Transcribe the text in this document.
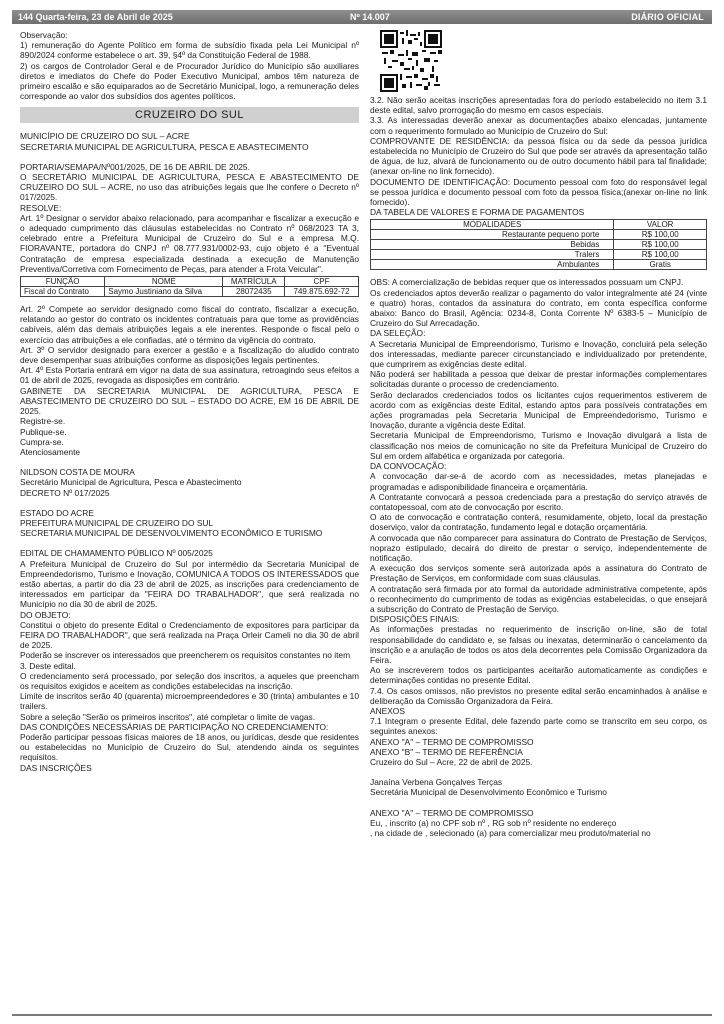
144 Quarta-feira, 23 de Abril de 2025	Nº 14.007	DIÁRIO OFICIAL

Observação:

1) remuneração do Agente Político em forma de subsídio fixada pela Lei Municipal nº 890/2024 conforme estabelece o art. 39, §4º da Constituição Federal de 1988.

2) os cargos de Controlador Geral e de Procurador Jurídico do Município são auxiliares diretos e imediatos do Chefe do Poder Executivo Municipal, ambos têm natureza de primeiro escalão e são equiparados ao de Secretário Municipal, logo, a remuneração deles corresponde ao valor dos subsídios dos agentes políticos.

CRUZEIRO DO SUL

MUNICÍPIO DE CRUZEIRO DO SUL – ACRE

SECRETARIA MUNICIPAL DE AGRICULTURA, PESCA E ABASTECIMENTO

PORTARIA/SEMAPA/Nº001/2025, DE 16 DE ABRIL DE 2025.

O SECRETÁRIO MUNICIPAL DE AGRICULTURA, PESCA E ABASTECIMENTO DE CRUZEIRO DO SUL – ACRE, no uso das atribuições legais que lhe confere o Decreto nº 017/2025.

RESOLVE:

Art. 1º Designar o servidor abaixo relacionado, para acompanhar e fiscalizar a execução e o adequado cumprimento das cláusulas estabelecidas no Contrato nº 068/2023 TA 3, celebrado entre a Prefeitura Municipal de Cruzeiro do Sul e a empresa M.Q. FIORAVANTE, portadora do CNPJ nº 08.777.931/0002-93, cujo objeto é a "Eventual Contratação de empresa especializada destinada a execução de Manutenção Preventiva/Corretiva com Fornecimento de Peças, para atender a Frota Veicular".

FUNÇÃO	NOME	MATRÍCULA	CPF
Fiscal do Contrato	Saymo Justiniano da Silva	28072435	749.875.692-72

Art. 2º Compete ao servidor designado como fiscal do contrato, fiscalizar a execução, relatando ao gestor do contrato os incidentes contratuais para que tome as providências cabíveis, além das demais atribuições legais a ele inerentes. Responde o fiscal pelo o exercício das atribuições a ele confiadas, até o término da vigência do contrato.

Art. 3º O servidor designado para exercer a gestão e a fiscalização do aludido contrato deve desempenhar suas atribuições conforme as disposições legais pertinentes.

Art. 4º Esta Portaria entrará em vigor na data de sua assinatura, retroagindo seus efeitos a 01 de abril de 2025, revogada as disposições em contrário.

GABINETE DA SECRETARIA MUNICIPAL DE AGRICULTURA, PESCA E ABASTECIMENTO DE CRUZEIRO DO SUL – ESTADO DO ACRE, EM 16 DE ABRIL DE 2025.

Registre-se.

Publique-se.

Cumpra-se.

Atenciosamente

NILDSON COSTA DE MOURA

Secretário Municipal de Agricultura, Pesca e Abastecimento

DECRETO Nº 017/2025

ESTADO DO ACRE

PREFEITURA MUNICIPAL DE CRUZEIRO DO SUL

SECRETARIA MUNICIPAL DE DESENVOLVIMENTO ECONÔMICO E TURISMO

EDITAL DE CHAMAMENTO PÚBLICO Nº 005/2025

A Prefeitura Municipal de Cruzeiro do Sul por intermédio da Secretaria Municipal de Empreendedorismo, Turismo e Inovação, COMUNICA A TODOS OS INTERESSADOS que estão abertas, a partir do dia 23 de abril de 2025, as inscrições para credenciamento de interessados em participar da "FEIRA DO TRABALHADOR", que será realizada no Município no dia 30 de abril de 2025.

DO OBJETO:

Constitui o objeto do presente Edital o Credenciamento de expositores para participar da FEIRA DO TRABALHADOR", que será realizada na Praça Orleir Cameli no dia 30 de abril de 2025.

Poderão se inscrever os interessados que preencherem os requisitos constantes no item

3. Deste edital.

O credenciamento será processado, por seleção dos inscritos, a aqueles que preencham os requisitos exigidos e aceitem as condições estabelecidas na inscrição.

Limite de inscritos serão 40 (quarenta) microempreendedores e 30 (trinta) ambulantes e 10 trailers.

Sobre a seleção "Serão os primeiros inscritos", até completar o limite de vagas.

DAS CONDIÇÕES NECESSÁRIAS DE PARTICIPAÇÃO NO CREDENCIAMENTO:

Poderão participar pessoas físicas maiores de 18 anos, ou jurídicas, desde que residentes ou estabelecidas no Município de Cruzeiro do Sul, atendendo ainda os seguintes requisitos.

DAS INSCRIÇÕES

3.2. Não serão aceitas inscrições apresentadas fora do período estabelecido no item 3.1 deste edital, salvo prorrogação do mesmo em casos especiais.

3.3. As interessadas deverão anexar as documentações abaixo elencadas, juntamente com o requerimento formulado ao Município de Cruzeiro do Sul:

COMPROVANTE DE RESIDÊNCIA: da pessoa física ou da sede da pessoa jurídica estabelecida no Município de Cruzeiro do Sul que pode ser através da apresentação talão de água, de luz, alvará de funcionamento ou de outro documento hábil para tal finalidade; (anexar on-line no link fornecido).

DOCUMENTO DE IDENTIFICAÇÃO: Documento pessoal com foto do responsável legal se pessoa jurídica e documento pessoal com foto da pessoa física;(anexar on-line no link fornecido).

DA TABELA DE VALORES E FORMA DE PAGAMENTOS

MODALIDADES	VALOR
Restaurante pequeno porte	R$ 100,00
Bebidas	R$ 100,00
Tralers	R$ 100,00
Ambulantes	Gratis

OBS: A comercialização de bebidas requer que os interessados possuam um CNPJ.

Os credenciados aptos deverão realizar o pagamento do valor integralmente até 24 (vinte e quatro) horas, contados da assinatura do contrato, em conta específica conforme abaixo: Banco do Brasil, Agência: 0234-8, Conta Corrente Nº 6383-5 – Município de Cruzeiro do Sul Arrecadação.

DA SELEÇÃO:

A Secretaria Municipal de Empreendorismo, Turismo e Inovação, concluirá pela seleção dos interessadas, mediante parecer circunstanciado e individualizado por pretendente, que cumprirem as exigências deste edital.

Não poderá ser habilitada a pessoa que deixar de prestar informações complementares solicitadas durante o processo de credenciamento.

Serão declarados credenciados todos os licitantes cujos requerimentos estiverem de acordo com as exigências deste Edital, estando aptos para possíveis contratações em ações programadas pela Secretaria Municipal de Empreendedorismo, Turismo e Inovação, durante a vigência deste Edital.

Secretaria Municipal de Empreendorismo, Turismo e Inovação divulgará a lista de classificação nos meios de comunicação no site da Prefeitura Municipal de Cruzeiro do Sul em ordem alfabética e organizada por categoria.

DA CONVOCAÇÃO:

A convocação dar-se-á de acordo com as necessidades, metas planejadas e programadas e adisponibilidade financeira e orçamentária.

A Contratante convocará a pessoa credenciada para a prestação do serviço através de contatopessoal, com ato de convocação por escrito.

O ato de convocação e contratação conterá, resumidamente, objeto, local da prestação doserviço, valor da contratação, fundamento legal e dotação orçamentária.

A convocada que não comparecer para assinatura do Contrato de Prestação de Serviços, noprazo estipulado, decairá do direito de prestar o serviço, independentemente de notificação.

A execução dos serviços somente será autorizada após a assinatura do Contrato de Prestação de Serviços, em conformidade com suas cláusulas.

A contratação será firmada por ato formal da autoridade administrativa competente, após o reconhecimento do cumprimento de todas as exigências estabelecidas, o que ensejará a subscrição do Contrato de Prestação de Serviço.

DISPOSIÇÕES FINAIS:

As informações prestadas no requerimento de inscrição on-line, são de total responsabilidade do candidato e, se falsas ou inexatas, determinarão o cancelamento da inscrição e a anulação de todos os atos dela decorrentes pela Comissão Organizadora da Feira.

Ao se inscreverem todos os participantes aceitarão automaticamente as condições e determinações contidas no presente Edital.

7.4. Os casos omissos, não previstos no presente edital serão encaminhados à análise e deliberação da Comissão Organizadora da Feira.

ANEXOS

7.1 Integram o presente Edital, dele fazendo parte como se transcrito em seu corpo, os seguintes anexos:

ANEXO "A" – TERMO DE COMPROMISSO

ANEXO "B" – TERMO DE REFERÊNCIA

Cruzeiro do Sul – Acre, 22 de abril de 2025.

Janaína Verbena Gonçalves Terças

Secretária Municipal de Desenvolvimento Econômico e Turismo

ANEXO "A" – TERMO DE COMPROMISSO

Eu, , inscrito (a) no CPF sob nº , RG sob nº residente no endereço

, na cidade de , selecionado (a) para comercializar meu produto/material no
